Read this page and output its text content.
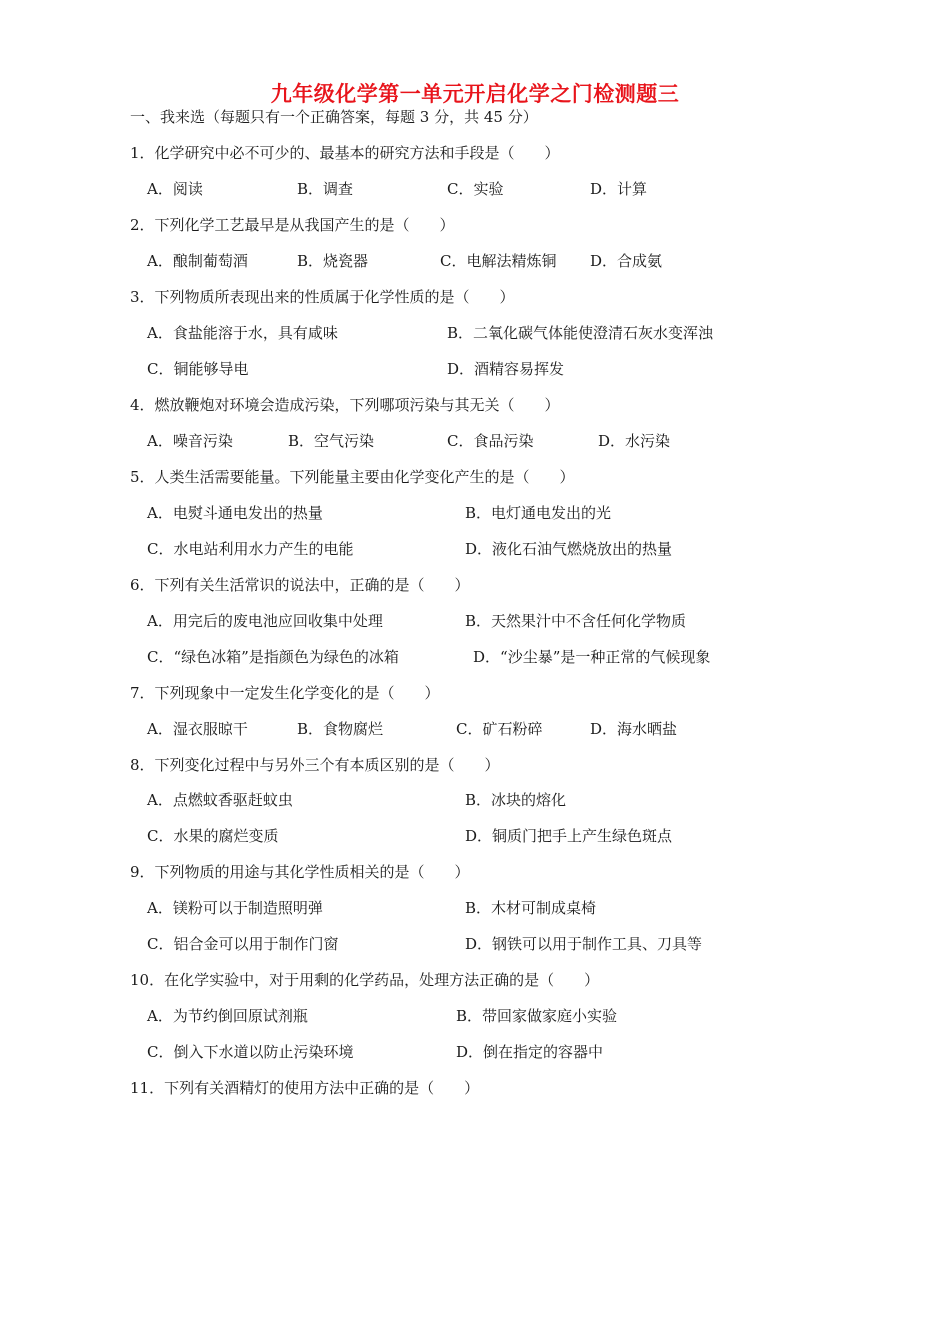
九年级化学第一单元开启化学之门检测题三
一、我来选（每题只有一个正确答案，每题 3 分，共 45 分）
1．化学研究中必不可少的、最基本的研究方法和手段是（　　）
A．阅读	B．调查	C．实验	D．计算
2．下列化学工艺最早是从我国产生的是（　　）
A．酿制葡萄酒	B．烧瓷器	C．电解法精炼铜 D．合成氨
3．下列物质所表现出来的性质属于化学性质的是（　　）
A．食盐能溶于水，具有咸味	B．二氧化碳气体能使澄清石灰水变浑浊
C．铜能够导电	D．酒精容易挥发
4．燃放鞭炮对环境会造成污染，下列哪项污染与其无关（　　）
A．噪音污染	B．空气污染	C．食品污染	D．水污染
5．人类生活需要能量。下列能量主要由化学变化产生的是（　　）
A．电熨斗通电发出的热量	B．电灯通电发出的光
C．水电站利用水力产生的电能	D．液化石油气燃烧放出的热量
6．下列有关生活常识的说法中，正确的是（　　）
A．用完后的废电池应回收集中处理	B．天然果汁中不含任何化学物质
C．“绿色冰箱”是指颜色为绿色的冰箱	D．“沙尘暴”是一种正常的气候现象
7．下列现象中一定发生化学变化的是（　　）
A．湿衣服晾干	B．食物腐烂	C．矿石粉碎	D．海水晒盐
8．下列变化过程中与另外三个有本质区别的是（　　）
A．点燃蚊香驱赶蚊虫	B．冰块的熔化
C．水果的腐烂变质	D．铜质门把手上产生绿色斑点
9．下列物质的用途与其化学性质相关的是（　　）
A．镁粉可以于制造照明弹	B．木材可制成桌椅
C．铝合金可以用于制作门窗	D．钢铁可以用于制作工具、刀具等
10．在化学实验中，对于用剩的化学药品，处理方法正确的是（　　）
A．为节约倒回原试剂瓶	B．带回家做家庭小实验
C．倒入下水道以防止污染环境	D．倒在指定的容器中
11．下列有关酒精灯的使用方法中正确的是（　　）
